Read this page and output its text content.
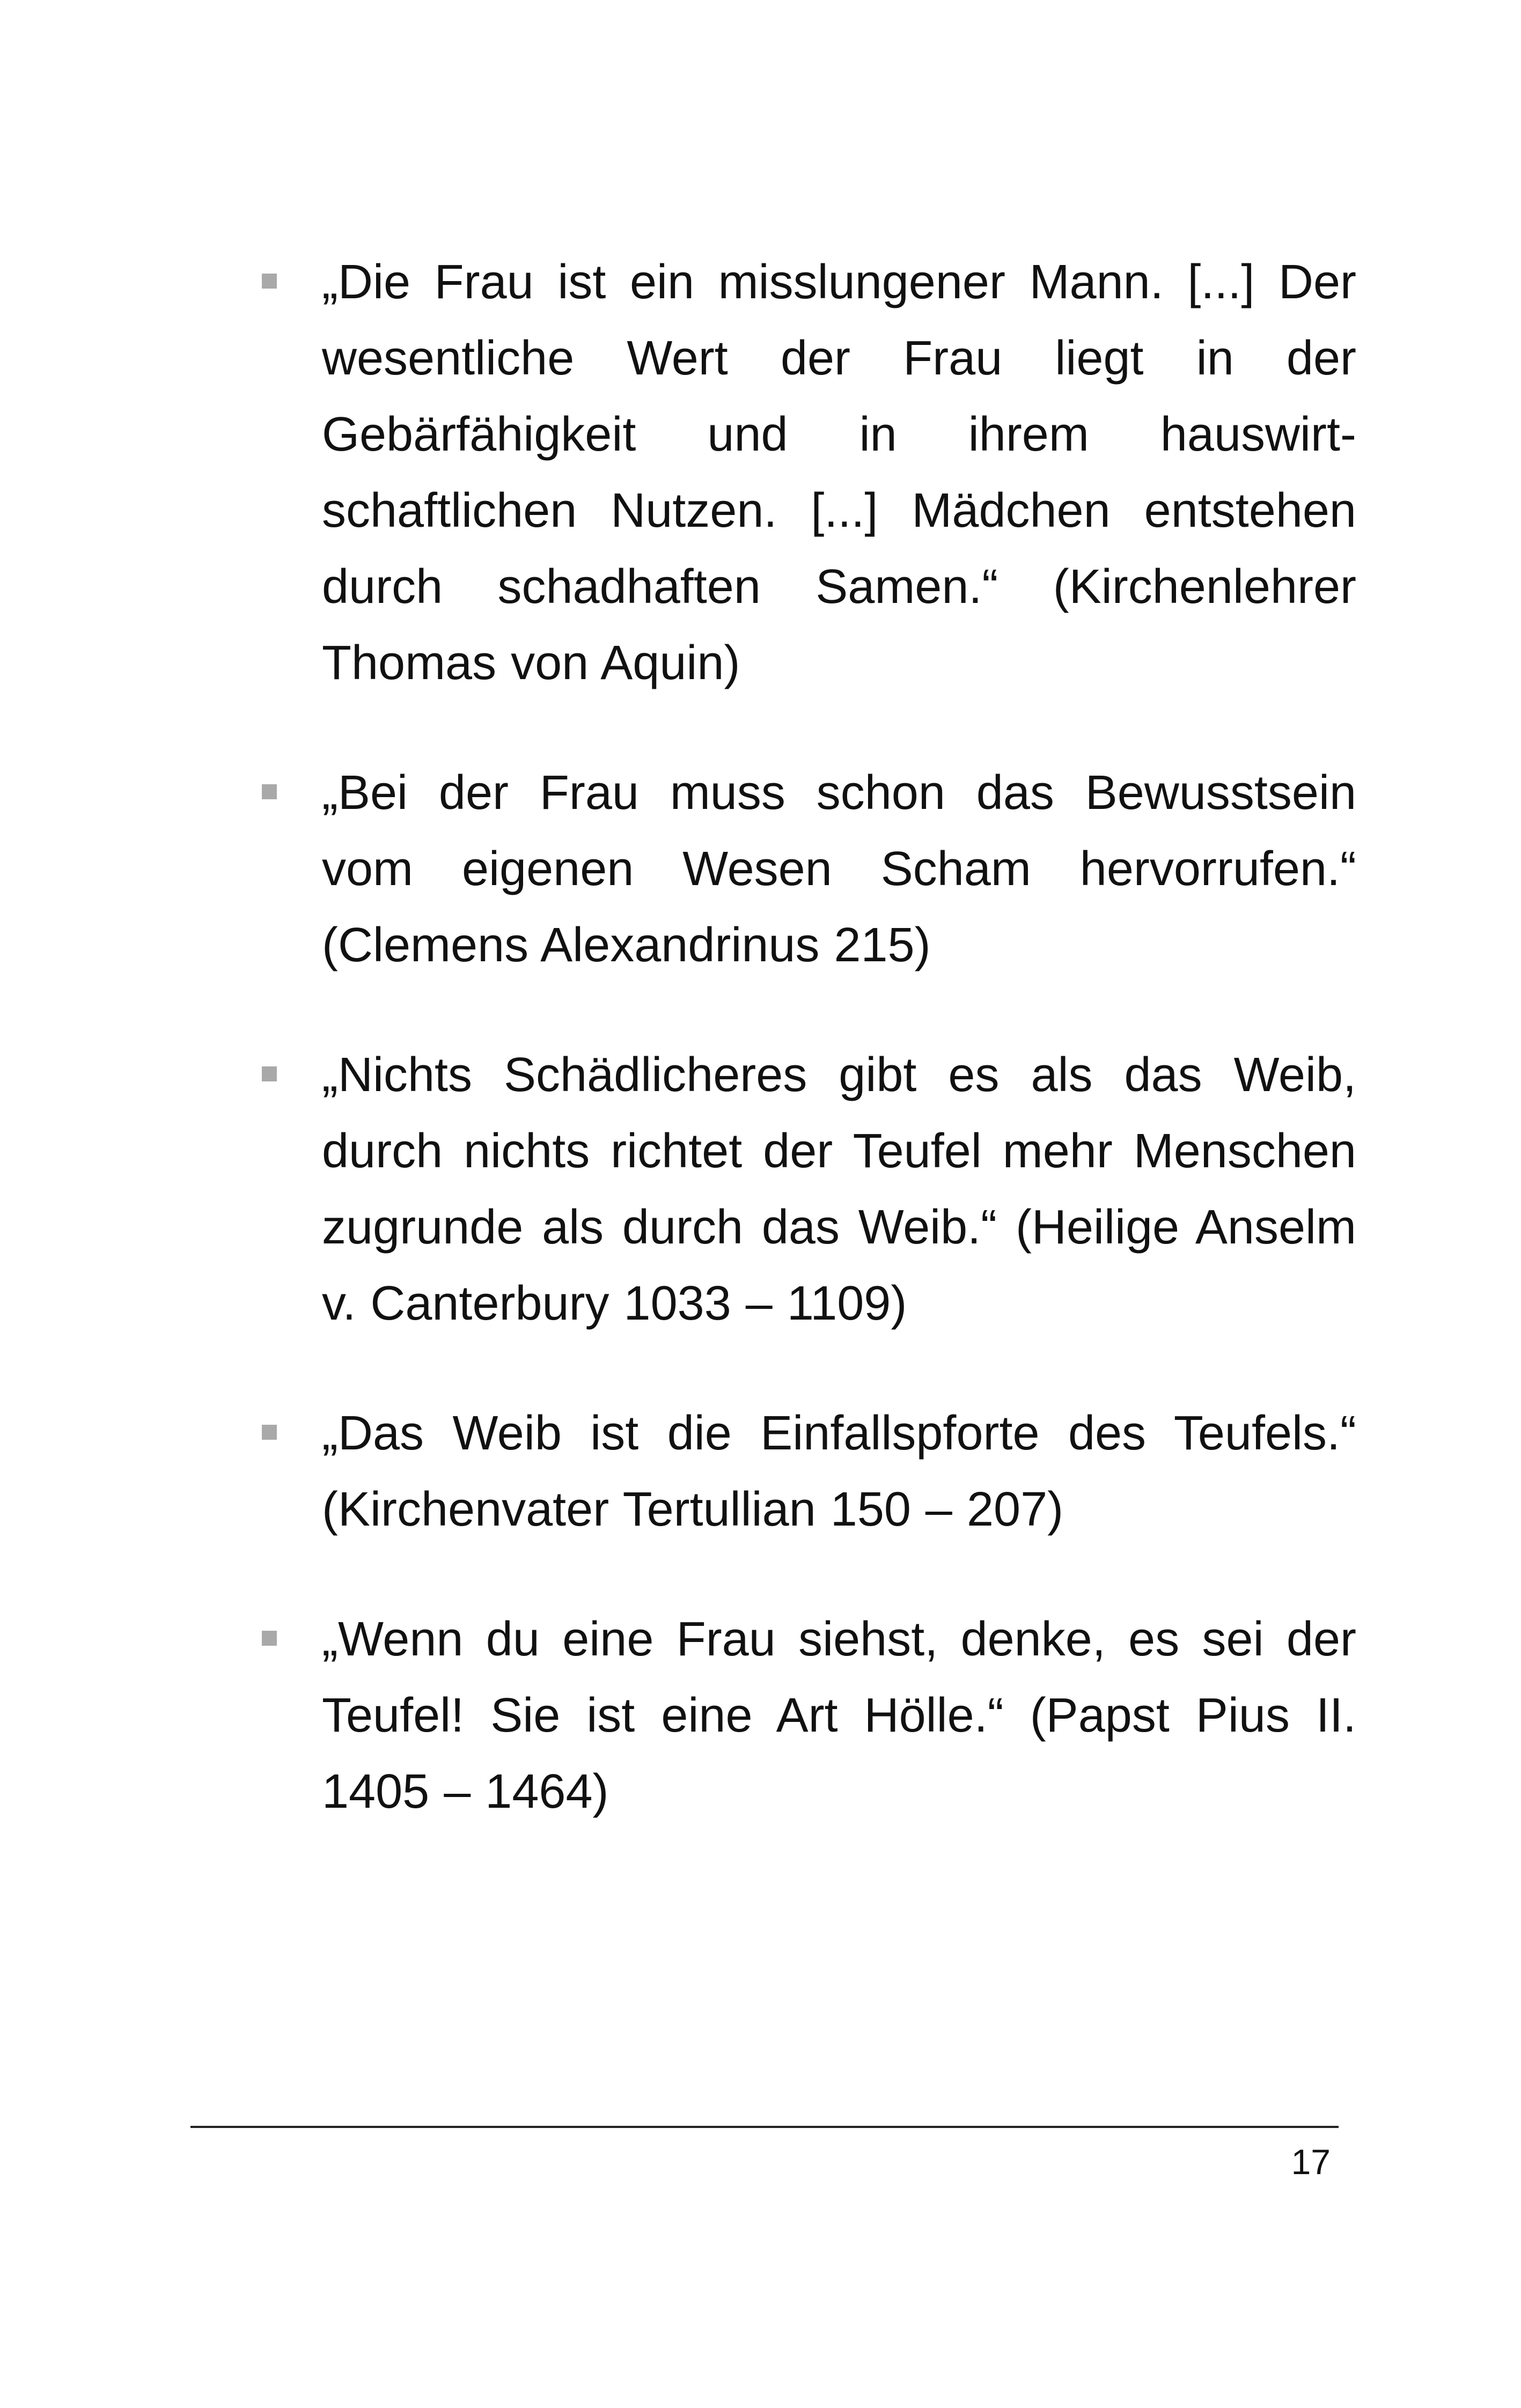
„Die Frau ist ein misslungener Mann. [...] Der wesentliche Wert der Frau liegt in der Gebärfähigkeit und in ihrem hauswirtschaftlichen Nutzen. [...] Mädchen entstehen durch schadhaften Samen.“ (Kirchenlehrer Thomas von Aquin)
„Bei der Frau muss schon das Bewusstsein vom eigenen Wesen Scham hervorrufen.“ (Clemens Alexandrinus 215)
„Nichts Schädlicheres gibt es als das Weib, durch nichts richtet der Teufel mehr Menschen zugrunde als durch das Weib.“ (Heilige Anselm v. Canterbury 1033 – 1109)
„Das Weib ist die Einfallspforte des Teufels.“ (Kirchenvater Tertullian 150 – 207)
„Wenn du eine Frau siehst, denke, es sei der Teufel! Sie ist eine Art Hölle.“ (Papst Pius II. 1405 – 1464)
17
